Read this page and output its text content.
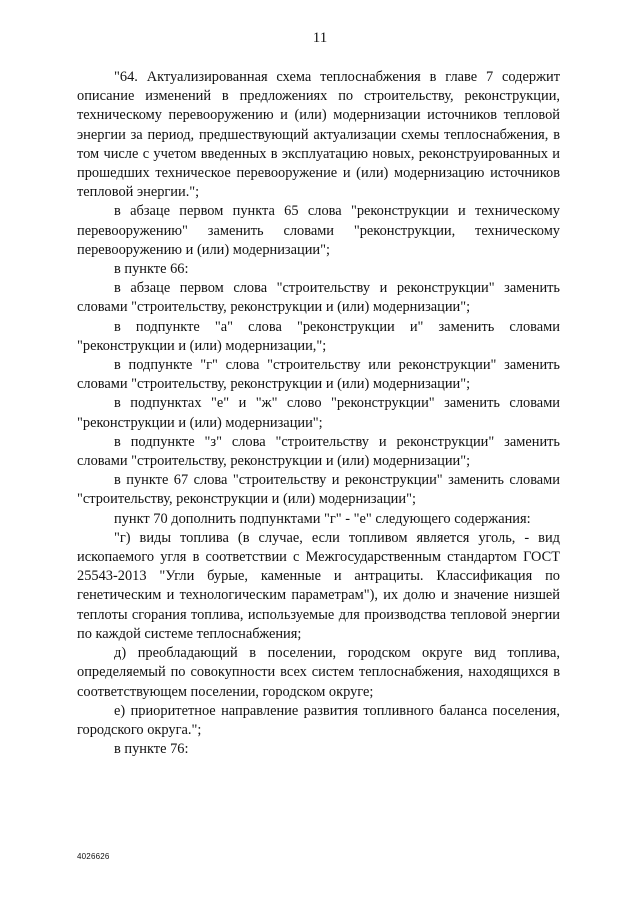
11

"64. Актуализированная схема теплоснабжения в главе 7 содержит описание изменений в предложениях по строительству, реконструкции, техническому перевооружению и (или) модернизации источников тепловой энергии за период, предшествующий актуализации схемы теплоснабжения, в том числе с учетом введенных в эксплуатацию новых, реконструированных и прошедших техническое перевооружение и (или) модернизацию источников тепловой энергии.";

в абзаце первом пункта 65 слова "реконструкции и техническому перевооружению" заменить словами "реконструкции, техническому перевооружению и (или) модернизации";

в пункте 66:

в абзаце первом слова "строительству и реконструкции" заменить словами "строительству, реконструкции и (или) модернизации";

в подпункте "а" слова "реконструкции и" заменить словами "реконструкции и (или) модернизации,";

в подпункте "г" слова "строительству или реконструкции" заменить словами "строительству, реконструкции и (или) модернизации";

в подпунктах "е" и "ж" слово "реконструкции" заменить словами "реконструкции и (или) модернизации";

в подпункте "з" слова "строительству и реконструкции" заменить словами "строительству, реконструкции и (или) модернизации";

в пункте 67 слова "строительству и реконструкции" заменить словами "строительству, реконструкции и (или) модернизации";

пункт 70 дополнить подпунктами "г" - "е" следующего содержания:

"г) виды топлива (в случае, если топливом является уголь, - вид ископаемого угля в соответствии с Межгосударственным стандартом ГОСТ 25543-2013 "Угли бурые, каменные и антрациты. Классификация по генетическим и технологическим параметрам"), их долю и значение низшей теплоты сгорания топлива, используемые для производства тепловой энергии по каждой системе теплоснабжения;

д) преобладающий в поселении, городском округе вид топлива, определяемый по совокупности всех систем теплоснабжения, находящихся в соответствующем поселении, городском округе;

е) приоритетное направление развития топливного баланса поселения, городского округа.";

в пункте 76:

4026626
